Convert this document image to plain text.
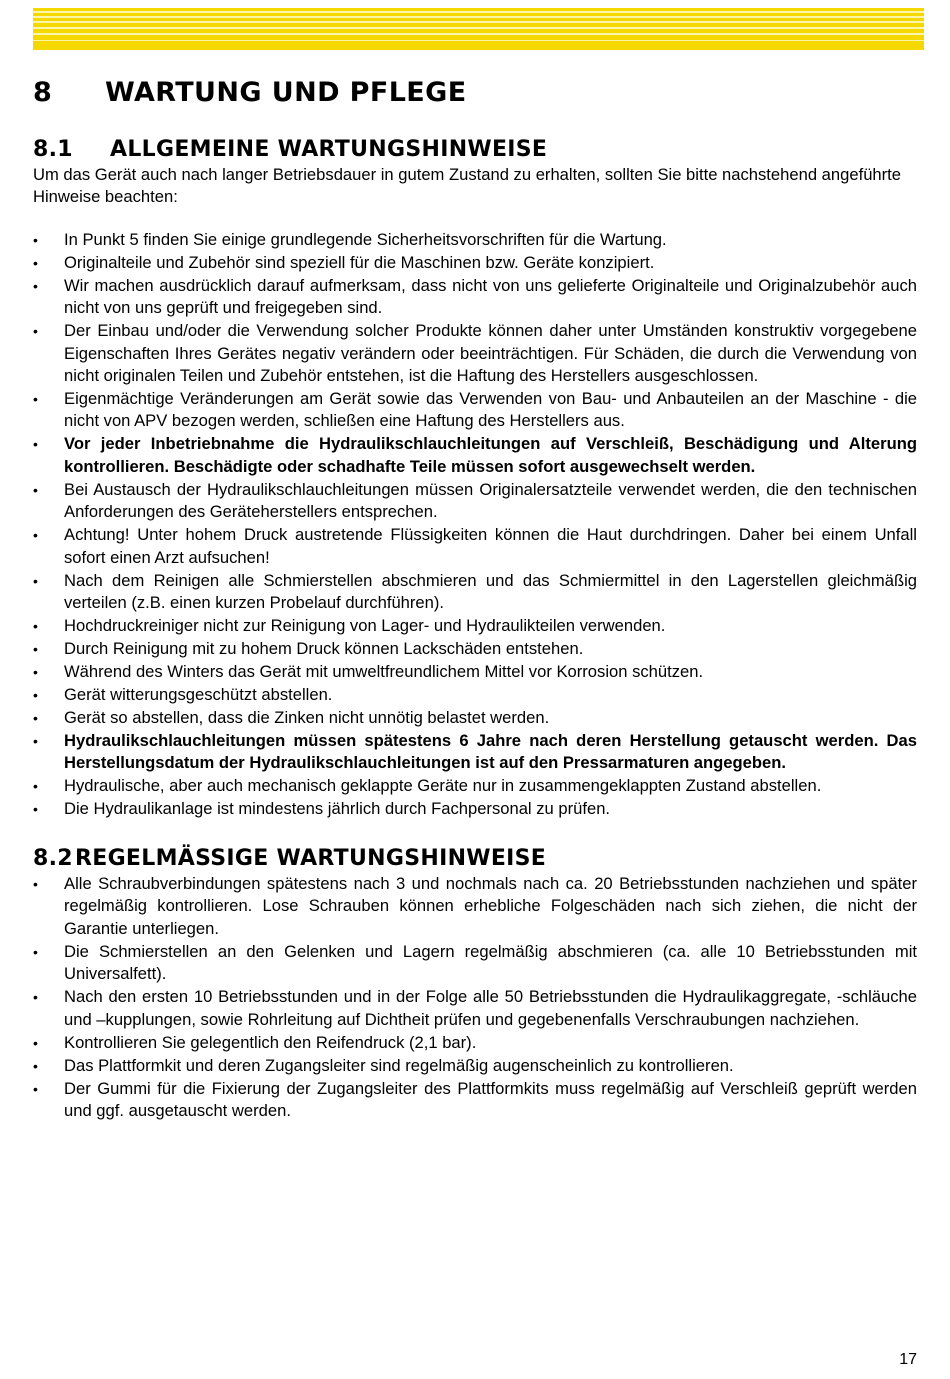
8	WARTUNG UND PFLEGE
8.1	ALLGEMEINE WARTUNGSHINWEISE

Um das Gerät auch nach langer Betriebsdauer in gutem Zustand zu erhalten, sollten Sie bitte nachstehend angeführte Hinweise beachten:

•	In Punkt 5 finden Sie einige grundlegende Sicherheitsvorschriften für die Wartung.
•	Originalteile und Zubehör sind speziell für die Maschinen bzw. Geräte konzipiert.
•	Wir machen ausdrücklich darauf aufmerksam, dass nicht von uns gelieferte Originalteile und Originalzubehör auch nicht von uns geprüft und freigegeben sind.
•	Der Einbau und/oder die Verwendung solcher Produkte können daher unter Umständen konstruktiv vorgegebene Eigenschaften Ihres Gerätes negativ verändern oder beeinträchtigen. Für Schäden, die durch die Verwendung von nicht originalen Teilen und Zubehör entstehen, ist die Haftung des Herstellers ausgeschlossen.
•	Eigenmächtige Veränderungen am Gerät sowie das Verwenden von Bau- und Anbauteilen an der Maschine - die nicht von APV bezogen werden, schließen eine Haftung des Herstellers aus.
•	Vor jeder Inbetriebnahme die Hydraulikschlauchleitungen auf Verschleiß, Beschädigung und Alterung kontrollieren. Beschädigte oder schadhafte Teile müssen sofort ausgewechselt werden.
•	Bei Austausch der Hydraulikschlauchleitungen müssen Originalersatzteile verwendet werden, die den technischen Anforderungen des Geräteherstellers entsprechen.
•	Achtung! Unter hohem Druck austretende Flüssigkeiten können die Haut durchdringen. Daher bei einem Unfall sofort einen Arzt aufsuchen!
•	Nach dem Reinigen alle Schmierstellen abschmieren und das Schmiermittel in den Lagerstellen gleichmäßig verteilen (z.B. einen kurzen Probelauf durchführen).
•	Hochdruckreiniger nicht zur Reinigung von Lager- und Hydraulikteilen verwenden.
•	Durch Reinigung mit zu hohem Druck können Lackschäden entstehen.
•	Während des Winters das Gerät mit umweltfreundlichem Mittel vor Korrosion schützen.
•	Gerät witterungsgeschützt abstellen.
•	Gerät so abstellen, dass die Zinken nicht unnötig belastet werden.
•	Hydraulikschlauchleitungen müssen spätestens 6 Jahre nach deren Herstellung getauscht werden. Das Herstellungsdatum der Hydraulikschlauchleitungen ist auf den Pressarmaturen angegeben.
•	Hydraulische, aber auch mechanisch geklappte Geräte nur in zusammengeklappten Zustand abstellen.
•	Die Hydraulikanlage ist mindestens jährlich durch Fachpersonal zu prüfen.
8.2 REGELMÄSSIGE WARTUNGSHINWEISE
•	Alle Schraubverbindungen spätestens nach 3 und nochmals nach ca. 20 Betriebsstunden nachziehen und später regelmäßig kontrollieren. Lose Schrauben können erhebliche Folgeschäden nach sich ziehen, die nicht der Garantie unterliegen.
•	Die Schmierstellen an den Gelenken und Lagern regelmäßig abschmieren (ca. alle 10 Betriebsstunden mit Universalfett).
•	Nach den ersten 10 Betriebsstunden und in der Folge alle 50 Betriebsstunden die Hydraulikaggregate, -schläuche und –kupplungen, sowie Rohrleitung auf Dichtheit prüfen und gegebenenfalls Verschraubungen nachziehen.
•	Kontrollieren Sie gelegentlich den Reifendruck (2,1 bar).
•	Das Plattformkit und deren Zugangsleiter sind regelmäßig augenscheinlich zu kontrollieren.
•	Der Gummi für die Fixierung der Zugangsleiter des Plattformkits muss regelmäßig auf Verschleiß geprüft werden und ggf. ausgetauscht werden.
17
